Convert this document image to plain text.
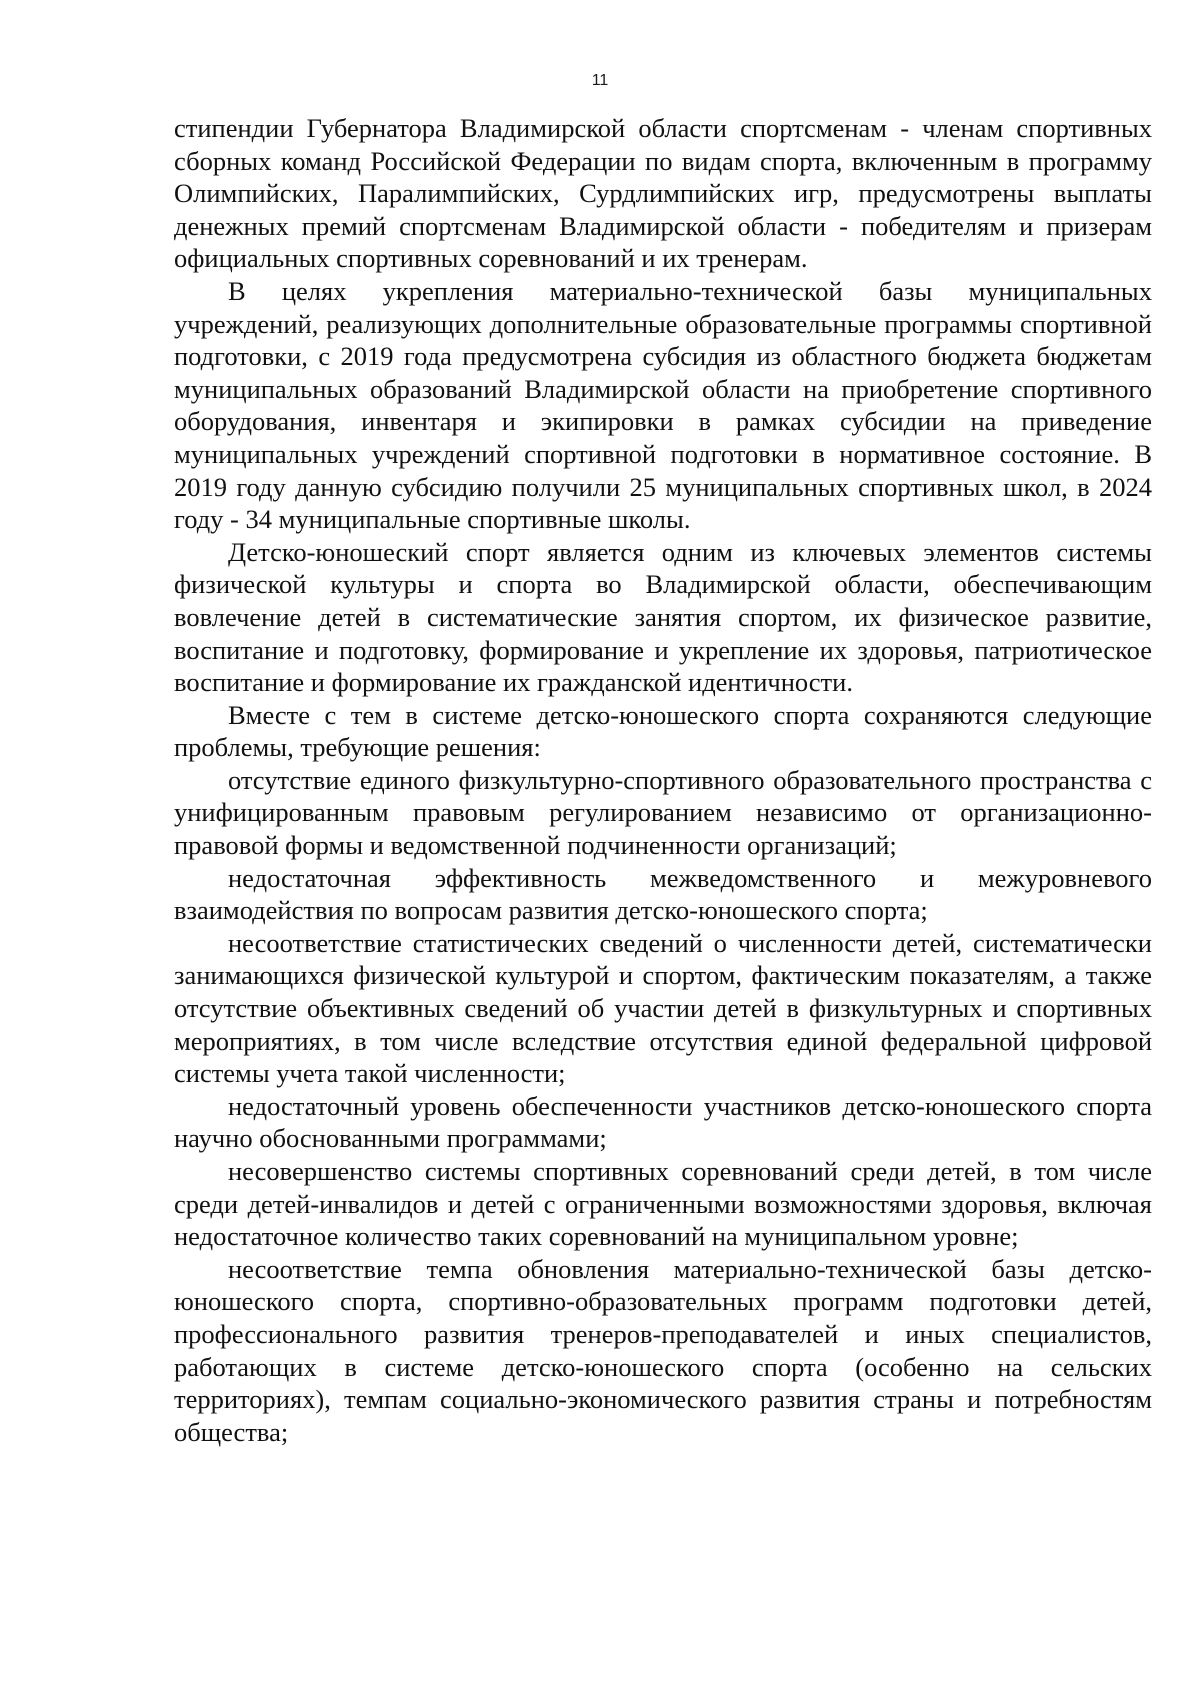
11

стипендии Губернатора Владимирской области спортсменам - членам спортивных сборных команд Российской Федерации по видам спорта, включенным в программу Олимпийских, Паралимпийских, Сурдлимпийских игр, предусмотрены выплаты денежных премий спортсменам Владимирской области - победителям и призерам официальных спортивных соревнований и их тренерам.

В целях укрепления материально-технической базы муниципальных учреждений, реализующих дополнительные образовательные программы спортивной подготовки, с 2019 года предусмотрена субсидия из областного бюджета бюджетам муниципальных образований Владимирской области на приобретение спортивного оборудования, инвентаря и экипировки в рамках субсидии на приведение муниципальных учреждений спортивной подготовки в нормативное состояние. В 2019 году данную субсидию получили 25 муниципальных спортивных школ, в 2024 году - 34 муниципальные спортивные школы.

Детско-юношеский спорт является одним из ключевых элементов системы физической культуры и спорта во Владимирской области, обеспечивающим вовлечение детей в систематические занятия спортом, их физическое развитие, воспитание и подготовку, формирование и укрепление их здоровья, патриотическое воспитание и формирование их гражданской идентичности.

Вместе с тем в системе детско-юношеского спорта сохраняются следующие проблемы, требующие решения:

отсутствие единого физкультурно-спортивного образовательного пространства с унифицированным правовым регулированием независимо от организационно-правовой формы и ведомственной подчиненности организаций;

недостаточная эффективность межведомственного и межуровневого взаимодействия по вопросам развития детско-юношеского спорта;

несоответствие статистических сведений о численности детей, систематически занимающихся физической культурой и спортом, фактическим показателям, а также отсутствие объективных сведений об участии детей в физкультурных и спортивных мероприятиях, в том числе вследствие отсутствия единой федеральной цифровой системы учета такой численности;

недостаточный уровень обеспеченности участников детско-юношеского спорта научно обоснованными программами;

несовершенство системы спортивных соревнований среди детей, в том числе среди детей-инвалидов и детей с ограниченными возможностями здоровья, включая недостаточное количество таких соревнований на муниципальном уровне;

несоответствие темпа обновления материально-технической базы детско-юношеского спорта, спортивно-образовательных программ подготовки детей, профессионального развития тренеров-преподавателей и иных специалистов, работающих в системе детско-юношеского спорта (особенно на сельских территориях), темпам социально-экономического развития страны и потребностям общества;
